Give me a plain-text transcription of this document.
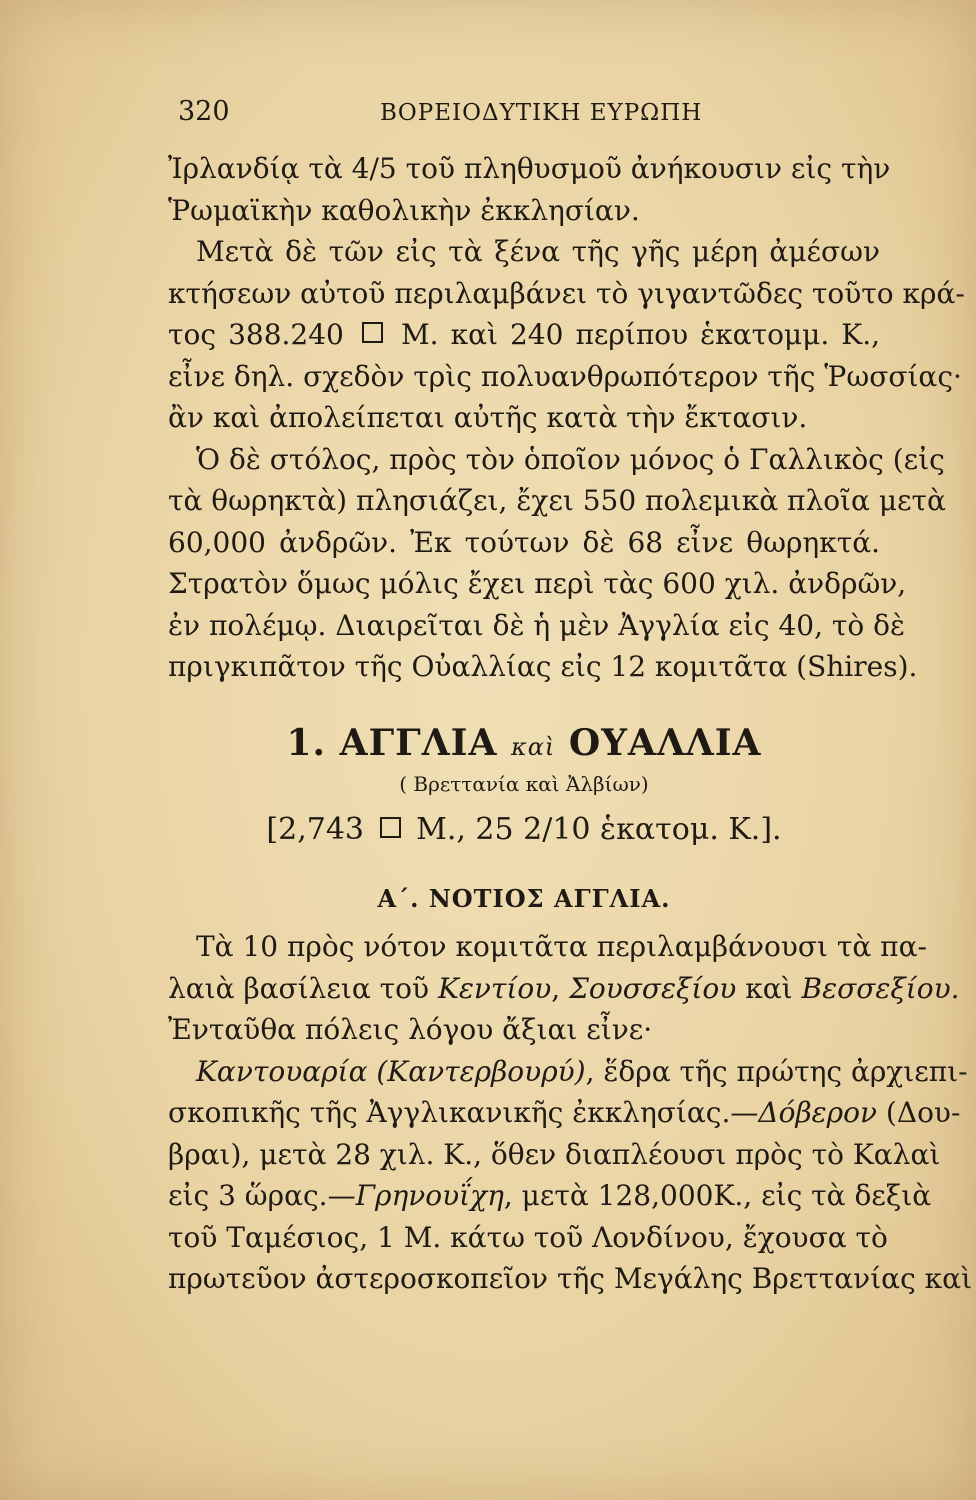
320	ΒΟΡΕΙΟΔΥΤΙΚΗ ΕΥΡΩΠΗ
Ἰρλανδίᾳ τὰ 4/5 τοῦ πληθυσμοῦ ἀνήκουσιν εἰς τὴν
Ῥωμαϊκὴν καθολικὴν ἐκκλησίαν.
Μετὰ δὲ τῶν εἰς τὰ ξένα τῆς γῆς μέρη ἀμέσων
κτήσεων αὐτοῦ περιλαμβάνει τὸ γιγαντῶδες τοῦτο κρά-
τος 388.240 Μ. καὶ 240 περίπου ἑκατομμ. Κ.,
εἶνε δηλ. σχεδὸν τρὶς πολυανθρωπότερον τῆς Ῥωσσίας·
ἂν καὶ ἀπολείπεται αὐτῆς κατὰ τὴν ἔκτασιν.
Ὁ δὲ στόλος, πρὸς τὸν ὁποῖον μόνος ὁ Γαλλικὸς (εἰς
τὰ θωρηκτὰ) πλησιάζει, ἔχει 550 πολεμικὰ πλοῖα μετὰ
60,000 ἀνδρῶν. Ἐκ τούτων δὲ 68 εἶνε θωρηκτά.
Στρατὸν ὅμως μόλις ἔχει περὶ τὰς 600 χιλ. ἀνδρῶν,
ἐν πολέμῳ. Διαιρεῖται δὲ ἡ μὲν Ἀγγλία εἰς 40, τὸ δὲ
πριγκιπᾶτον τῆς Οὐαλλίας εἰς 12 κομιτᾶτα (Shires).
1. ΑΓΓΛΙΑ καὶ ΟΥΑΛΛΙΑ
( Βρεττανία καὶ Ἀλβίων)
[2,743 Μ., 25 2/10 ἑκατομ. Κ.].
Α΄. ΝΟΤΙΟΣ ΑΓΓΛΙΑ.
Τὰ 10 πρὸς νότον κομιτᾶτα περιλαμβάνουσι τὰ πα-
λαιὰ βασίλεια τοῦ Κεντίου, Σουσσεξίου καὶ Βεσσεξίου.
Ἐνταῦθα πόλεις λόγου ἄξιαι εἶνε·
Καντουαρία (Καντερβουρύ), ἕδρα τῆς πρώτης ἀρχιεπι-
σκοπικῆς τῆς Ἀγγλικανικῆς ἐκκλησίας.—Δόβερον (Δου-
βραι), μετὰ 28 χιλ. Κ., ὅθεν διαπλέουσι πρὸς τὸ Καλαὶ
εἰς 3 ὥρας.—Γρηνουΐχη, μετὰ 128,000Κ., εἰς τὰ δεξιὰ
τοῦ Ταμέσιος, 1 Μ. κάτω τοῦ Λονδίνου, ἔχουσα τὸ
πρωτεῦον ἀστεροσκοπεῖον τῆς Μεγάλης Βρεττανίας καὶ
